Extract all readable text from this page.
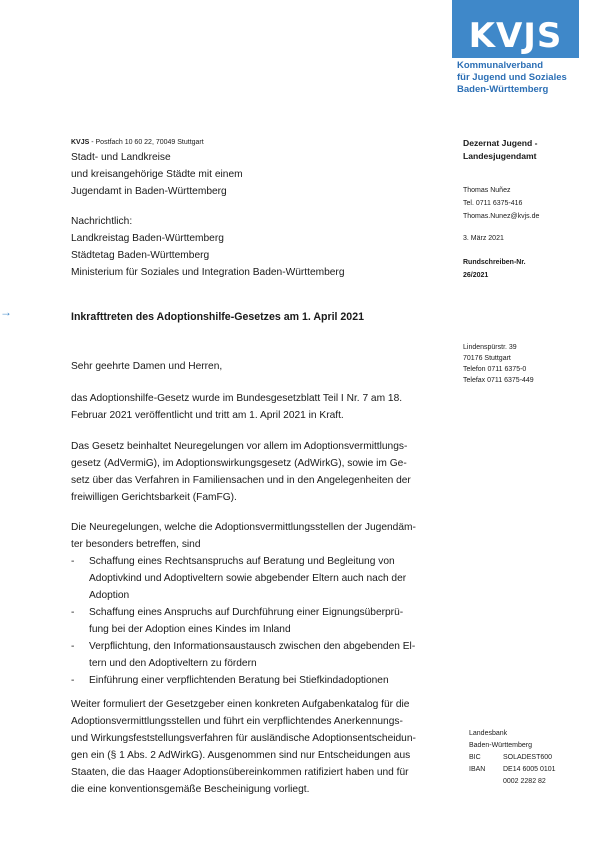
KVJS
Kommunalverband
für Jugend und Soziales
Baden-Württemberg
KVJS - Postfach 10 60 22, 70049 Stuttgart
Stadt- und Landkreise
und kreisangehörige Städte mit einem
Jugendamt in Baden-Württemberg
Nachrichtlich:
Landkreistag Baden-Württemberg
Städtetag Baden-Württemberg
Ministerium für Soziales und Integration Baden-Württemberg
Dezernat Jugend -
Landesjugendamt
Thomas Nuñez
Tel. 0711 6375-416
Thomas.Nunez@kvjs.de
3. März 2021
Rundschreiben-Nr.
26/2021
Lindenspürstr. 39
70176 Stuttgart
Telefon 0711 6375-0
Telefax 0711 6375-449
→	Inkrafttreten des Adoptionshilfe-Gesetzes am 1. April 2021
Sehr geehrte Damen und Herren,
das Adoptionshilfe-Gesetz wurde im Bundesgesetzblatt Teil I Nr. 7 am 18.
Februar 2021 veröffentlicht und tritt am 1. April 2021 in Kraft.
Das Gesetz beinhaltet Neuregelungen vor allem im Adoptionsvermittlungs-
gesetz (AdVermiG), im Adoptionswirkungsgesetz (AdWirkG), sowie im Ge-
setz über das Verfahren in Familiensachen und in den Angelegenheiten der
freiwilligen Gerichtsbarkeit (FamFG).
Die Neuregelungen, welche die Adoptionsvermittlungsstellen der Jugendäm-
ter besonders betreffen, sind
- Schaffung eines Rechtsanspruchs auf Beratung und Begleitung von
Adoptivkind und Adoptiveltern sowie abgebender Eltern auch nach der
Adoption
- Schaffung eines Anspruchs auf Durchführung einer Eignungsüberprü-
fung bei der Adoption eines Kindes im Inland
- Verpflichtung, den Informationsaustausch zwischen den abgebenden El-
tern und den Adoptiveltern zu fördern
- Einführung einer verpflichtenden Beratung bei Stiefkindadoptionen
Weiter formuliert der Gesetzgeber einen konkreten Aufgabenkatalog für die
Adoptionsvermittlungsstellen und führt ein verpflichtendes Anerkennungs-
und Wirkungsfeststellungsverfahren für ausländische Adoptionsentscheidun-
gen ein (§ 1 Abs. 2 AdWirkG). Ausgenommen sind nur Entscheidungen aus
Staaten, die das Haager Adoptionsübereinkommen ratifiziert haben und für
die eine konventionsgemäße Bescheinigung vorliegt.
Landesbank
Baden-Württemberg
BIC	SOLADEST600
IBAN	DE14 6005 0101
0002 2282 82
